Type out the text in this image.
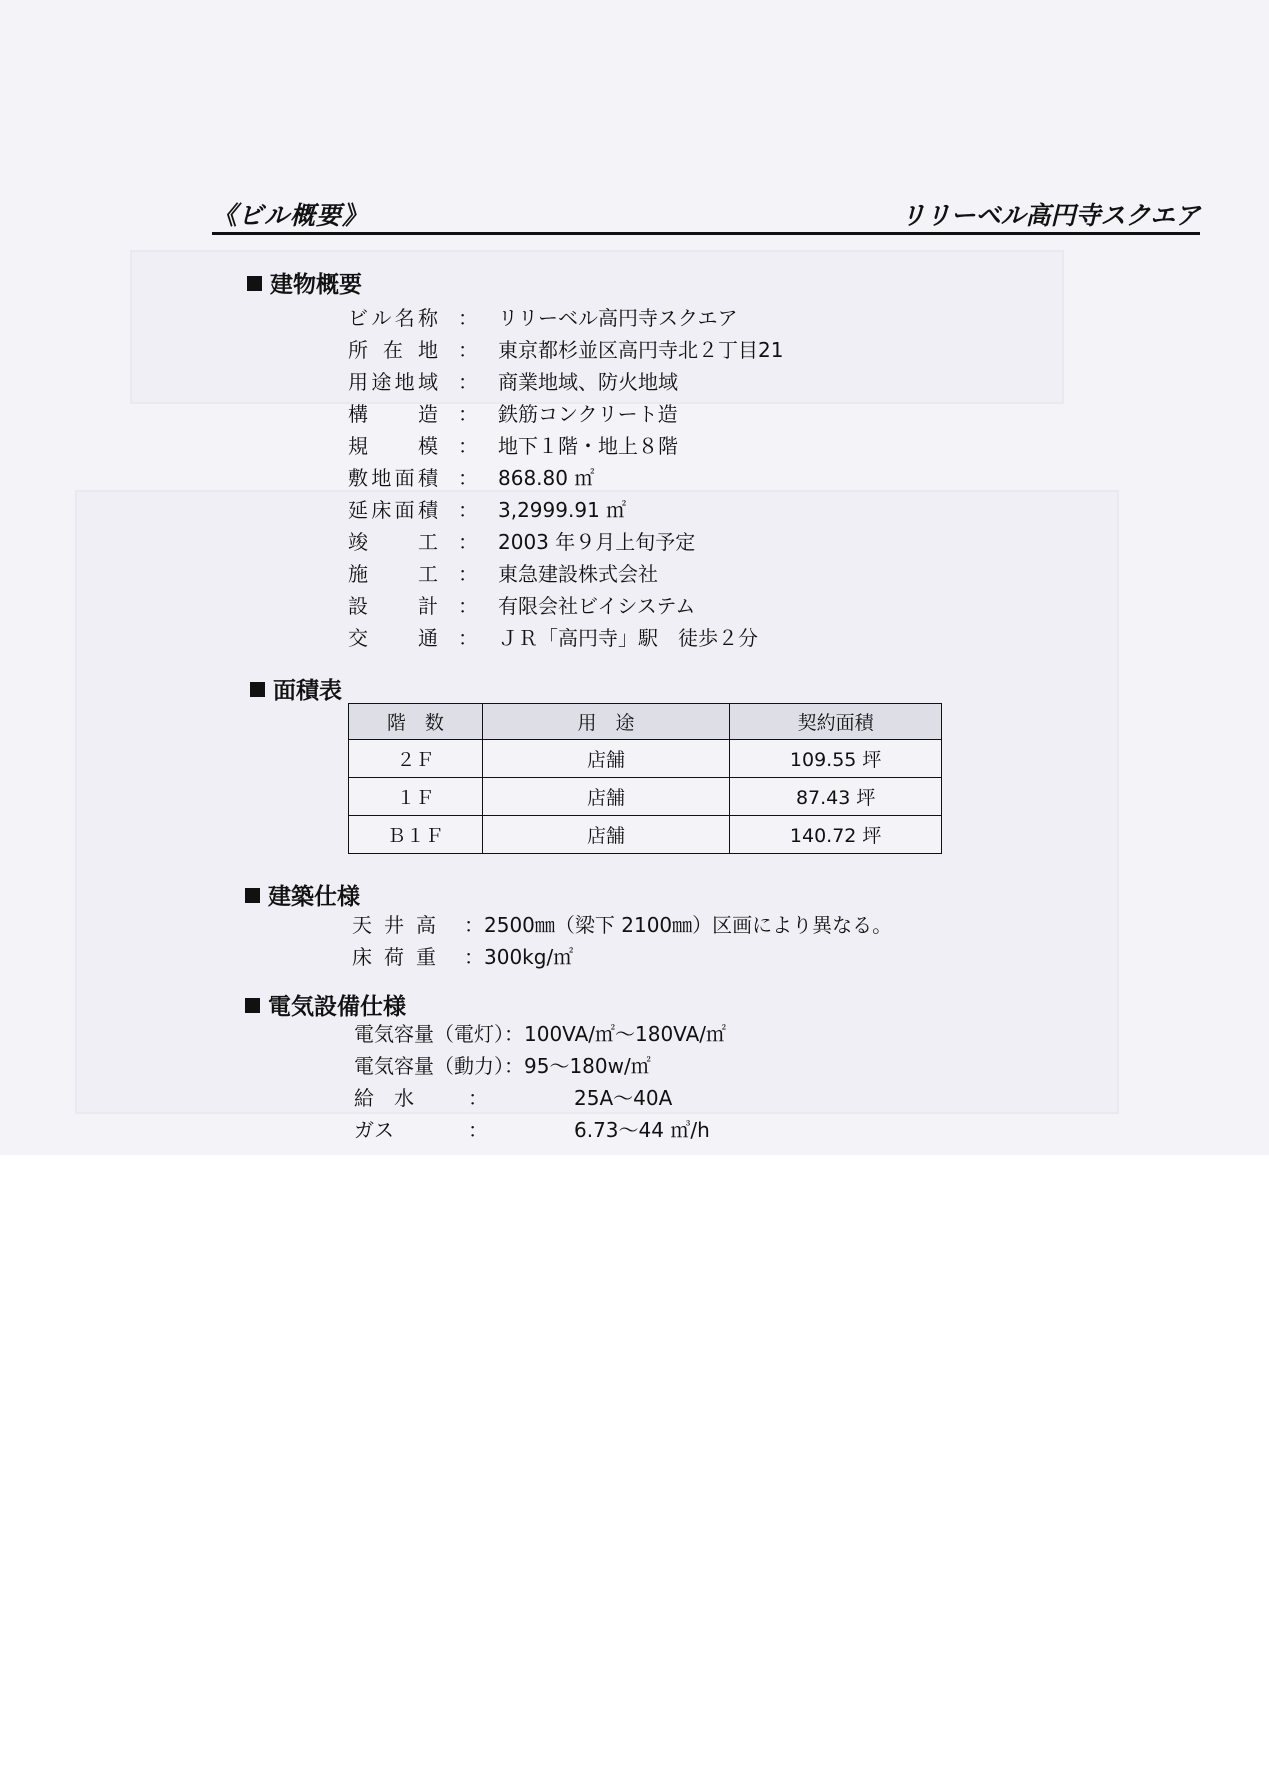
《ビル概要》	リリーベル高円寺スクエア
建物概要
ビル名称 ： リリーベル高円寺スクエア
所在地 ： 東京都杉並区高円寺北２丁目21
用途地域 ： 商業地域、防火地域
構造 ： 鉄筋コンクリート造
規模 ： 地下１階・地上８階
敷地面積 ： 868.80 ㎡
延床面積 ： 3,2999.91 ㎡
竣工 ： 2003 年９月上旬予定
施工 ： 東急建設株式会社
設計 ： 有限会社ビイシステム
交通 ： ＪＲ「高円寺」駅　徒歩２分
面積表
階　数	用　途	契約面積
２Ｆ	店舗	109.55 坪
１Ｆ	店舗	87.43 坪
Ｂ１Ｆ	店舗	140.72 坪
建築仕様
天井高 ：2500㎜（梁下 2100㎜）区画により異なる。
床荷重 ：300kg/㎡
電気設備仕様
電気容量（電灯）：100VA/㎡～180VA/㎡
電気容量（動力）：95～180w/㎡
給　水	：	25A～40A
ガス	：	6.73～44 ㎥/h
